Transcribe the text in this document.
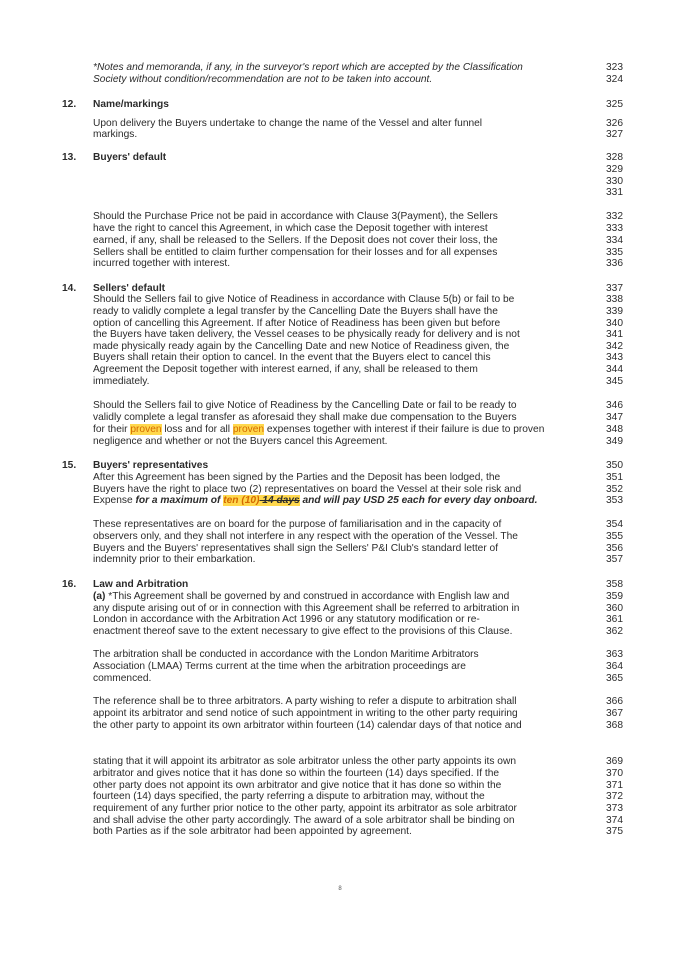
*Notes and memoranda, if any, in the surveyor's report which are accepted by the Classification
Society without condition/recommendation are not to be taken into account.
12. Name/markings
Upon delivery the Buyers undertake to change the name of the Vessel and alter funnel
markings.
13. Buyers' default
Should the Purchase Price not be paid in accordance with Clause 3(Payment), the Sellers
have the right to cancel this Agreement, in which case the Deposit together with interest
earned, if any, shall be released to the Sellers. If the Deposit does not cover their loss, the
Sellers shall be entitled to claim further compensation for their losses and for all expenses
incurred together with interest.
14. Sellers' default
Should the Sellers fail to give Notice of Readiness in accordance with Clause 5(b) or fail to be
ready to validly complete a legal transfer by the Cancelling Date the Buyers shall have the
option of cancelling this Agreement. If after Notice of Readiness has been given but before
the Buyers have taken delivery, the Vessel ceases to be physically ready for delivery and is not
made physically ready again by the Cancelling Date and new Notice of Readiness given, the
Buyers shall retain their option to cancel. In the event that the Buyers elect to cancel this
Agreement the Deposit together with interest earned, if any, shall be released to them
immediately.
Should the Sellers fail to give Notice of Readiness by the Cancelling Date or fail to be ready to
validly complete a legal transfer as aforesaid they shall make due compensation to the Buyers
for their proven loss and for all proven expenses together with interest if their failure is due to proven
negligence and whether or not the Buyers cancel this Agreement.
15. Buyers' representatives
After this Agreement has been signed by the Parties and the Deposit has been lodged, the
Buyers have the right to place two (2) representatives on board the Vessel at their sole risk and
Expense for a maximum of ten (10) 14 days and will pay USD 25 each for every day onboard.
These representatives are on board for the purpose of familiarisation and in the capacity of
observers only, and they shall not interfere in any respect with the operation of the Vessel. The
Buyers and the Buyers' representatives shall sign the Sellers' P&I Club's standard letter of
indemnity prior to their embarkation.
16. Law and Arbitration
(a) *This Agreement shall be governed by and construed in accordance with English law and
any dispute arising out of or in connection with this Agreement shall be referred to arbitration in
London in accordance with the Arbitration Act 1996 or any statutory modification or re-
enactment thereof save to the extent necessary to give effect to the provisions of this Clause.
The arbitration shall be conducted in accordance with the London Maritime Arbitrators
Association (LMAA) Terms current at the time when the arbitration proceedings are
commenced.
The reference shall be to three arbitrators. A party wishing to refer a dispute to arbitration shall
appoint its arbitrator and send notice of such appointment in writing to the other party requiring
the other party to appoint its own arbitrator within fourteen (14) calendar days of that notice and
stating that it will appoint its arbitrator as sole arbitrator unless the other party appoints its own
arbitrator and gives notice that it has done so within the fourteen (14) days specified. If the
other party does not appoint its own arbitrator and give notice that it has done so within the
fourteen (14) days specified, the party referring a dispute to arbitration may, without the
requirement of any further prior notice to the other party, appoint its arbitrator as sole arbitrator
and shall advise the other party accordingly. The award of a sole arbitrator shall be binding on
both Parties as if the sole arbitrator had been appointed by agreement.
323
324
325
326
327
328
329
330
331
332
333
334
335
336
337
338
339
340
341
342
343
344
345
346
347
348
349
350
351
352
353
354
355
356
357
358
359
360
361
362
363
364
365
366
367
368
369
370
371
372
373
374
375
8
